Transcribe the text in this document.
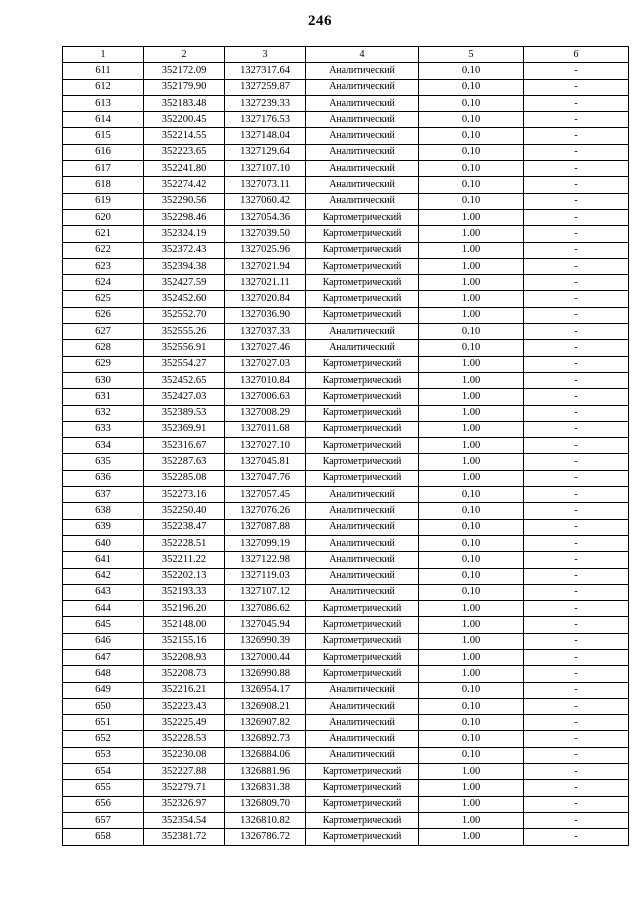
246
1	2	3	4	5	6
611	352172.09	1327317.64	Аналитический	0.10	-
612	352179.90	1327259.87	Аналитический	0.10	-
613	352183.48	1327239.33	Аналитический	0.10	-
614	352200.45	1327176.53	Аналитический	0.10	-
615	352214.55	1327148.04	Аналитический	0.10	-
616	352223.65	1327129.64	Аналитический	0.10	-
617	352241.80	1327107.10	Аналитический	0.10	-
618	352274.42	1327073.11	Аналитический	0.10	-
619	352290.56	1327060.42	Аналитический	0.10	-
620	352298.46	1327054.36	Картометрический	1.00	-
621	352324.19	1327039.50	Картометрический	1.00	-
622	352372.43	1327025.96	Картометрический	1.00	-
623	352394.38	1327021.94	Картометрический	1.00	-
624	352427.59	1327021.11	Картометрический	1.00	-
625	352452.60	1327020.84	Картометрический	1.00	-
626	352552.70	1327036.90	Картометрический	1.00	-
627	352555.26	1327037.33	Аналитический	0.10	-
628	352556.91	1327027.46	Аналитический	0.10	-
629	352554.27	1327027.03	Картометрический	1.00	-
630	352452.65	1327010.84	Картометрический	1.00	-
631	352427.03	1327006.63	Картометрический	1.00	-
632	352389.53	1327008.29	Картометрический	1.00	-
633	352369.91	1327011.68	Картометрический	1.00	-
634	352316.67	1327027.10	Картометрический	1.00	-
635	352287.63	1327045.81	Картометрический	1.00	-
636	352285.08	1327047.76	Картометрический	1.00	-
637	352273.16	1327057.45	Аналитический	0.10	-
638	352250.40	1327076.26	Аналитический	0.10	-
639	352238.47	1327087.88	Аналитический	0.10	-
640	352228.51	1327099.19	Аналитический	0.10	-
641	352211.22	1327122.98	Аналитический	0.10	-
642	352202.13	1327119.03	Аналитический	0.10	-
643	352193.33	1327107.12	Аналитический	0.10	-
644	352196.20	1327086.62	Картометрический	1.00	-
645	352148.00	1327045.94	Картометрический	1.00	-
646	352155.16	1326990.39	Картометрический	1.00	-
647	352208.93	1327000.44	Картометрический	1.00	-
648	352208.73	1326990.88	Картометрический	1.00	-
649	352216.21	1326954.17	Аналитический	0.10	-
650	352223.43	1326908.21	Аналитический	0.10	-
651	352225.49	1326907.82	Аналитический	0.10	-
652	352228.53	1326892.73	Аналитический	0.10	-
653	352230.08	1326884.06	Аналитический	0.10	-
654	352227.88	1326881.96	Картометрический	1.00	-
655	352279.71	1326831.38	Картометрический	1.00	-
656	352326.97	1326809.70	Картометрический	1.00	-
657	352354.54	1326810.82	Картометрический	1.00	-
658	352381.72	1326786.72	Картометрический	1.00	-
